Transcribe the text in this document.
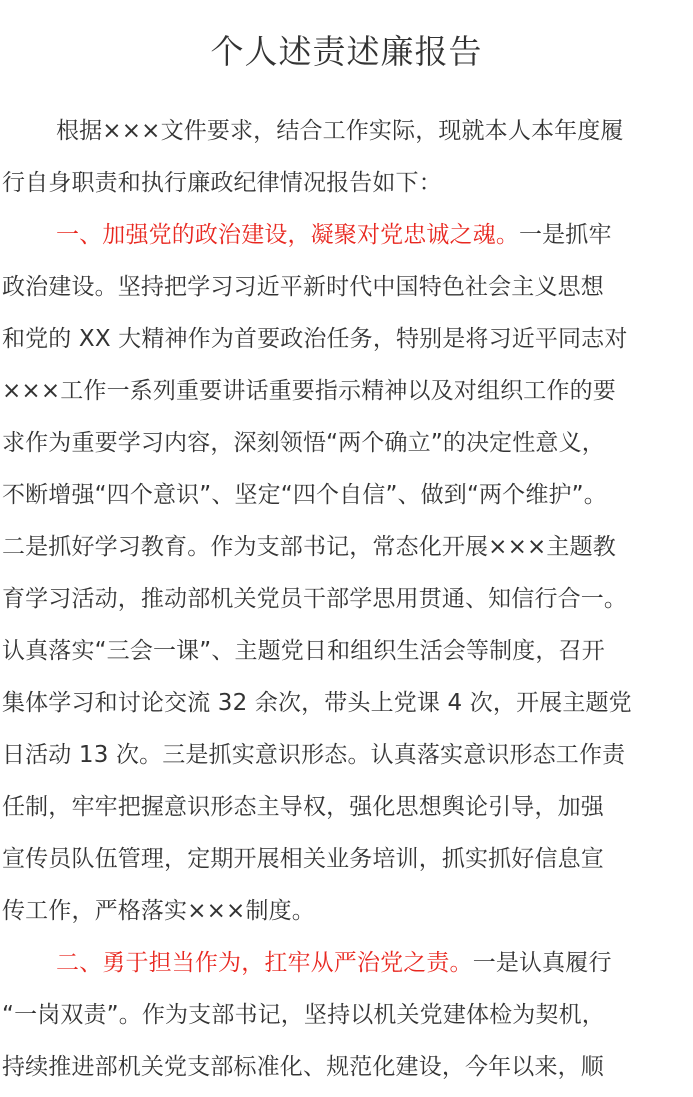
个人述责述廉报告
根据×××文件要求，结合工作实际，现就本人本年度履
行自身职责和执行廉政纪律情况报告如下：
一、加强党的政治建设，凝聚对党忠诚之魂。一是抓牢
政治建设。坚持把学习习近平新时代中国特色社会主义思想
和党的 XX 大精神作为首要政治任务，特别是将习近平同志对
×××工作一系列重要讲话重要指示精神以及对组织工作的要
求作为重要学习内容，深刻领悟“两个确立”的决定性意义，
不断增强“四个意识”、坚定“四个自信”、做到“两个维护”。
二是抓好学习教育。作为支部书记，常态化开展×××主题教
育学习活动，推动部机关党员干部学思用贯通、知信行合一。
认真落实“三会一课”、主题党日和组织生活会等制度，召开
集体学习和讨论交流 32 余次，带头上党课 4 次，开展主题党
日活动 13 次。三是抓实意识形态。认真落实意识形态工作责
任制，牢牢把握意识形态主导权，强化思想舆论引导，加强
宣传员队伍管理，定期开展相关业务培训，抓实抓好信息宣
传工作，严格落实×××制度。
二、勇于担当作为，扛牢从严治党之责。一是认真履行
“一岗双责”。作为支部书记，坚持以机关党建体检为契机，
持续推进部机关党支部标准化、规范化建设，今年以来，顺
